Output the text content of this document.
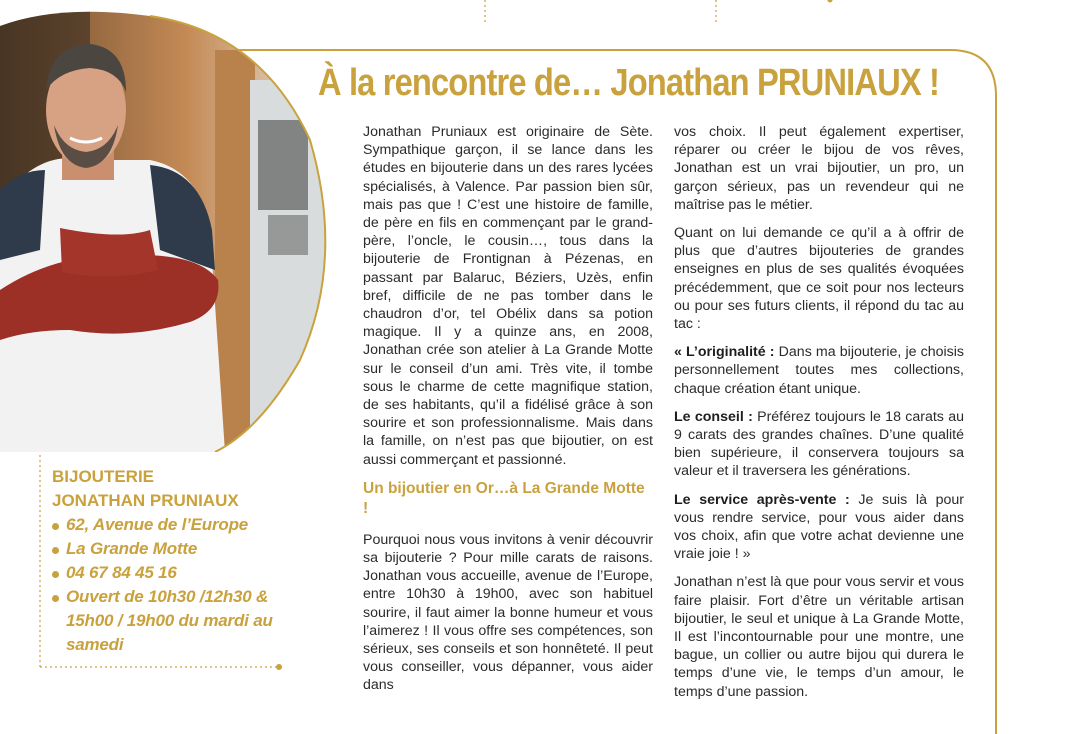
À la rencontre de… Jonathan PRUNIAUX !

Jonathan Pruniaux est originaire de Sète. Sympathique garçon, il se lance dans les études en bijouterie dans un des rares lycées spécialisés, à Valence. Par passion bien sûr, mais pas que ! C’est une histoire de famille, de père en fils en commençant par le grand-père, l’oncle, le cousin…, tous dans la bijouterie de Frontignan à Pézenas, en passant par Balaruc, Béziers, Uzès, enfin bref, difficile de ne pas tomber dans le chaudron d’or, tel Obélix dans sa potion magique. Il y a quinze ans, en 2008, Jonathan crée son atelier à La Grande Motte sur le conseil d’un ami. Très vite, il tombe sous le charme de cette magnifique station, de ses habitants, qu’il a fidélisé grâce à son sourire et son professionnalisme. Mais dans la famille, on n’est pas que bijoutier, on est aussi commerçant et passionné.

Un bijoutier en Or…à La Grande Motte !

Pourquoi nous vous invitons à venir découvrir sa bijouterie ? Pour mille carats de raisons. Jonathan vous accueille, avenue de l’Europe, entre 10h30 à 19h00, avec son habituel sourire, il faut aimer la bonne humeur et vous l’aimerez ! Il vous offre ses compétences, son sérieux, ses conseils et son honnêteté. Il peut vous conseiller, vous dépanner, vous aider dans

vos choix. Il peut également expertiser, réparer ou créer le bijou de vos rêves, Jonathan est un vrai bijoutier, un pro, un garçon sérieux, pas un revendeur qui ne maîtrise pas le métier.

Quant on lui demande ce qu’il a à offrir de plus que d’autres bijouteries de grandes enseignes en plus de ses qualités évoquées précédemment, que ce soit pour nos lecteurs ou pour ses futurs clients, il répond du tac au tac :

« L’originalité : Dans ma bijouterie, je choisis personnellement toutes mes collections, chaque création étant unique.

Le conseil : Préférez toujours le 18 carats au 9 carats des grandes chaînes. D’une qualité bien supérieure, il conservera toujours sa valeur et il traversera les générations.

Le service après-vente : Je suis là pour vous rendre service, pour vous aider dans vos choix, afin que votre achat devienne une vraie joie ! »

Jonathan n’est là que pour vous servir et vous faire plaisir. Fort d’être un véritable artisan bijoutier, le seul et unique à La Grande Motte, Il est l’incontournable pour une montre, une bague, un collier ou autre bijou qui durera le temps d’une vie, le temps d’un amour, le temps d’une passion.

BIJOUTERIE
JONATHAN PRUNIAUX
62, Avenue de l’Europe
La Grande Motte
04 67 84 45 16
Ouvert de 10h30 /12h30 & 15h00 / 19h00 du mardi au samedi
